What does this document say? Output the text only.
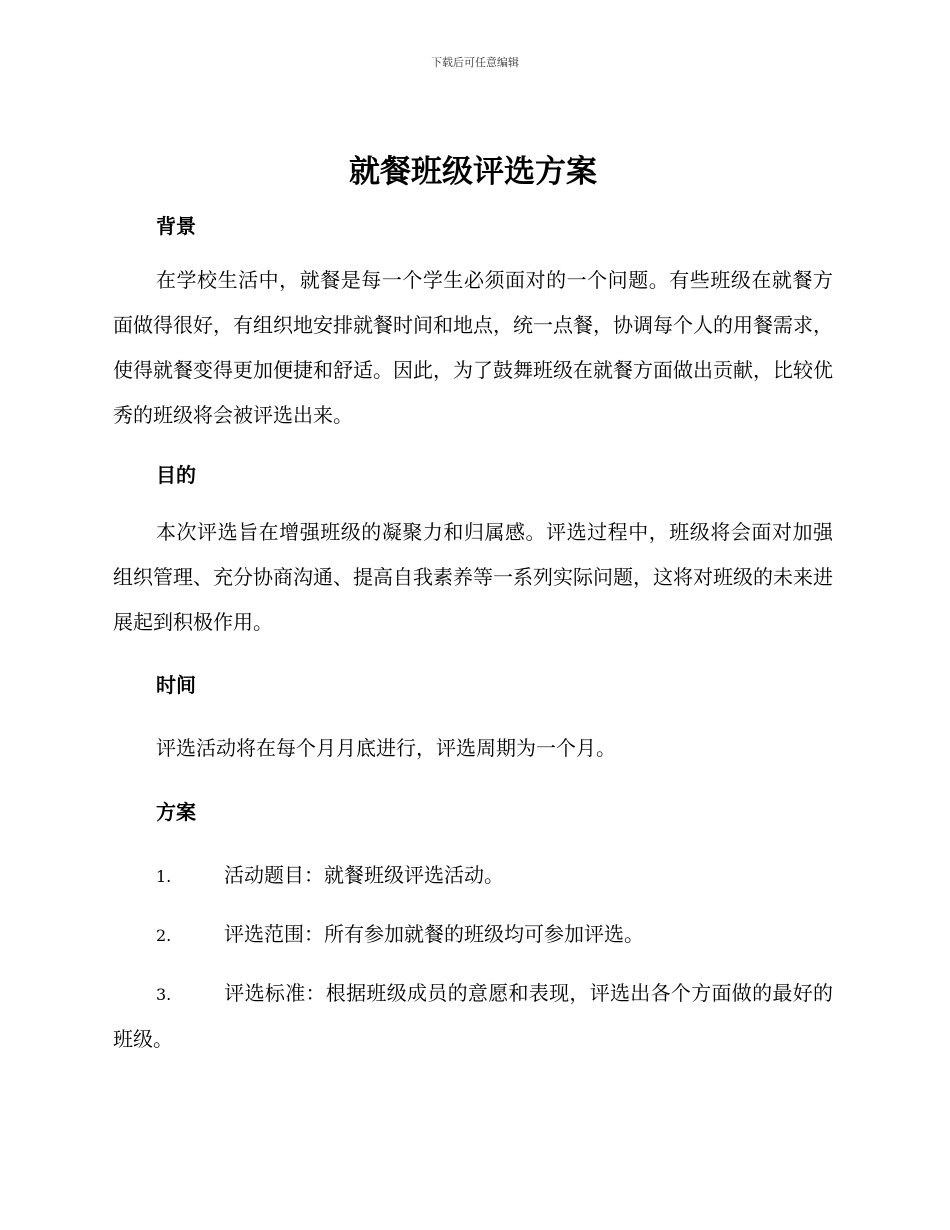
下载后可任意编辑
就餐班级评选方案
背景

在学校生活中，就餐是每一个学生必须面对的一个问题。有些班级在就餐方面做得很好，有组织地安排就餐时间和地点，统一点餐，协调每个人的用餐需求，使得就餐变得更加便捷和舒适。因此，为了鼓舞班级在就餐方面做出贡献，比较优秀的班级将会被评选出来。

目的

本次评选旨在增强班级的凝聚力和归属感。评选过程中，班级将会面对加强组织管理、充分协商沟通、提高自我素养等一系列实际问题，这将对班级的未来进展起到积极作用。

时间

评选活动将在每个月月底进行，评选周期为一个月。

方案

1.	活动题目：就餐班级评选活动。

2.	评选范围：所有参加就餐的班级均可参加评选。

3.	评选标准：根据班级成员的意愿和表现，评选出各个方面做的最好的班级。
